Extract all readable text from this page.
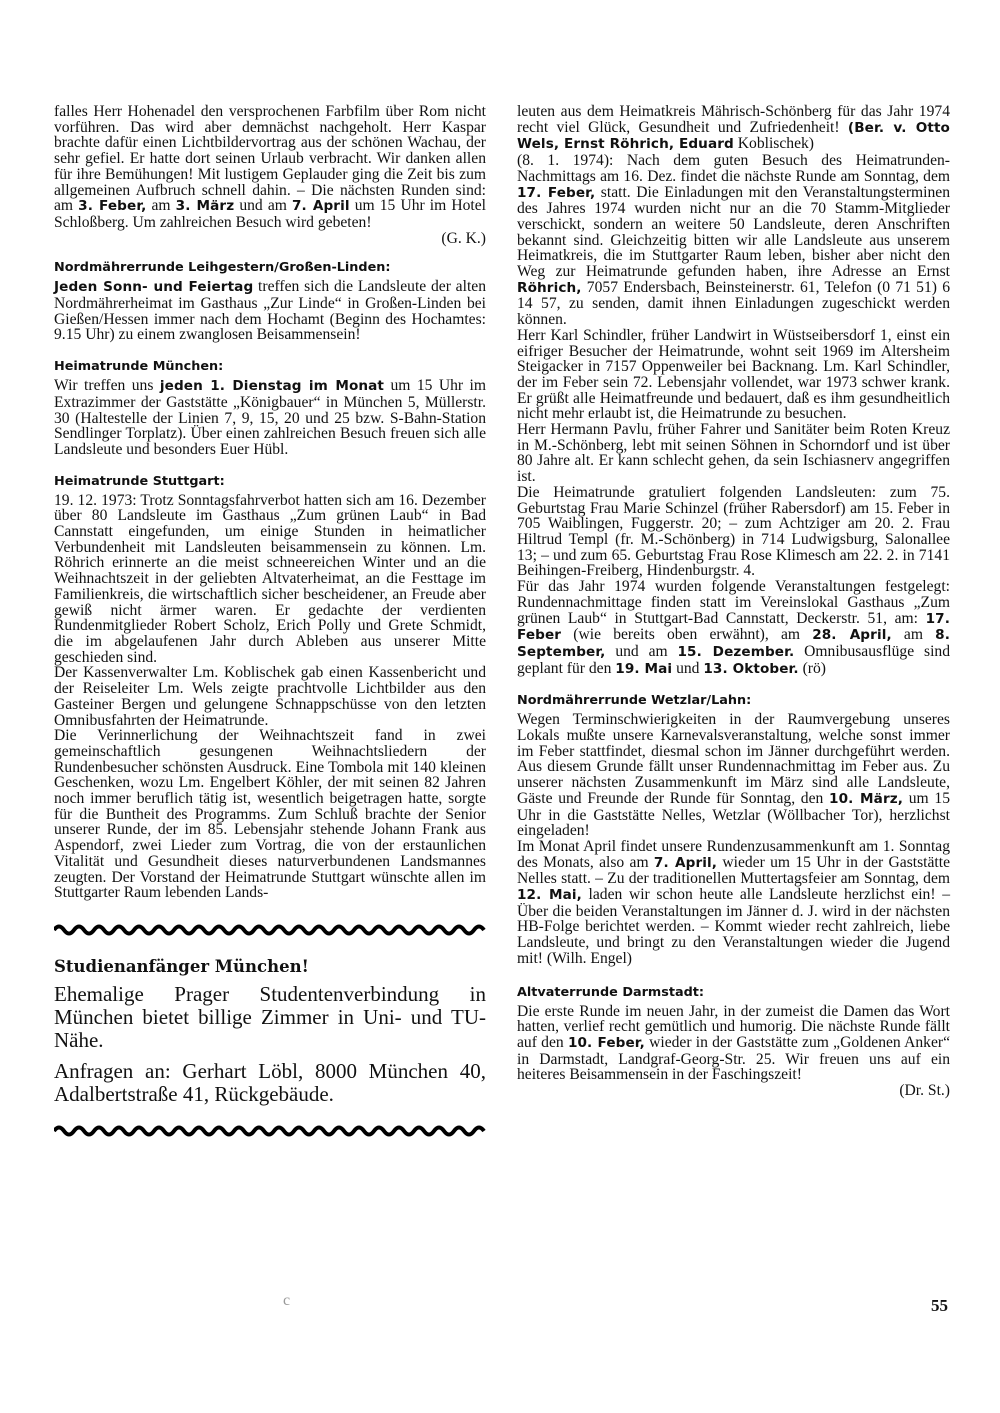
falles Herr Hohenadel den versprochenen Farbfilm über Rom nicht vorführen. Das wird aber demnächst nachgeholt. Herr Kaspar brachte dafür einen Lichtbildervortrag aus der schönen Wachau, der sehr gefiel. Er hatte dort seinen Urlaub verbracht. Wir danken allen für ihre Bemühungen! Mit lustigem Geplauder ging die Zeit bis zum allgemeinen Aufbruch schnell dahin. – Die nächsten Runden sind: am 3. Feber, am 3. März und am 7. April um 15 Uhr im Hotel Schloßberg. Um zahlreichen Besuch wird gebeten!

(G. K.)

Nordmährerrunde Leihgestern/Großen-Linden:

Jeden Sonn- und Feiertag treffen sich die Landsleute der alten Nordmährerheimat im Gasthaus „Zur Linde“ in Großen-Linden bei Gießen/Hessen immer nach dem Hochamt (Beginn des Hochamtes: 9.15 Uhr) zu einem zwanglosen Beisammensein!

Heimatrunde München:

Wir treffen uns jeden 1. Dienstag im Monat um 15 Uhr im Extrazimmer der Gaststätte „Königbauer“ in München 5, Müllerstr. 30 (Haltestelle der Linien 7, 9, 15, 20 und 25 bzw. S-Bahn-Station Sendlinger Torplatz). Über einen zahlreichen Besuch freuen sich alle Landsleute und besonders Euer Hübl.

Heimatrunde Stuttgart:

19. 12. 1973: Trotz Sonntagsfahrverbot hatten sich am 16. Dezember über 80 Landsleute im Gasthaus „Zum grünen Laub“ in Bad Cannstatt eingefunden, um einige Stunden in heimatlicher Verbundenheit mit Landsleuten beisammensein zu können. Lm. Röhrich erinnerte an die meist schneereichen Winter und an die Weihnachtszeit in der geliebten Altvaterheimat, an die Festtage im Familienkreis, die wirtschaftlich sicher bescheidener, an Freude aber gewiß nicht ärmer waren. Er gedachte der verdienten Rundenmitglieder Robert Scholz, Erich Polly und Grete Schmidt, die im abgelaufenen Jahr durch Ableben aus unserer Mitte geschieden sind.

Der Kassenverwalter Lm. Koblischek gab einen Kassenbericht und der Reiseleiter Lm. Wels zeigte prachtvolle Lichtbilder aus den Gasteiner Bergen und gelungene Schnappschüsse von den letzten Omnibusfahrten der Heimatrunde.

Die Verinnerlichung der Weihnachtszeit fand in zwei gemeinschaftlich gesungenen Weihnachtsliedern der Rundenbesucher schönsten Ausdruck. Eine Tombola mit 140 kleinen Geschenken, wozu Lm. Engelbert Köhler, der mit seinen 82 Jahren noch immer beruflich tätig ist, wesentlich beigetragen hatte, sorgte für die Buntheit des Programms. Zum Schluß brachte der Senior unserer Runde, der im 85. Lebensjahr stehende Johann Frank aus Aspendorf, zwei Lieder zum Vortrag, die von der erstaunlichen Vitalität und Gesundheit dieses naturverbundenen Landsmannes zeugten. Der Vorstand der Heimatrunde Stuttgart wünschte allen im Stuttgarter Raum lebenden Lands-

Studienanfänger München!

Ehemalige Prager Studentenverbindung in München bietet billige Zimmer in Uni- und TU-Nähe.

Anfragen an: Gerhart Löbl, 8000 München 40, Adalbertstraße 41, Rückgebäude.

leuten aus dem Heimatkreis Mährisch-Schönberg für das Jahr 1974 recht viel Glück, Gesundheit und Zufriedenheit! (Ber. v. Otto Wels, Ernst Röhrich, Eduard Koblischek)

(8. 1. 1974): Nach dem guten Besuch des Heimatrunden-Nachmittags am 16. Dez. findet die nächste Runde am Sonntag, dem 17. Feber, statt. Die Einladungen mit den Veranstaltungsterminen des Jahres 1974 wurden nicht nur an die 70 Stamm-Mitglieder verschickt, sondern an weitere 50 Landsleute, deren Anschriften bekannt sind. Gleichzeitig bitten wir alle Landsleute aus unserem Heimatkreis, die im Stuttgarter Raum leben, bisher aber nicht den Weg zur Heimatrunde gefunden haben, ihre Adresse an Ernst Röhrich, 7057 Endersbach, Beinsteinerstr. 61, Telefon (0 71 51) 6 14 57, zu senden, damit ihnen Einladungen zugeschickt werden können.

Herr Karl Schindler, früher Landwirt in Wüstseibersdorf 1, einst ein eifriger Besucher der Heimatrunde, wohnt seit 1969 im Altersheim Steigacker in 7157 Oppenweiler bei Backnang. Lm. Karl Schindler, der im Feber sein 72. Lebensjahr vollendet, war 1973 schwer krank. Er grüßt alle Heimatfreunde und bedauert, daß es ihm gesundheitlich nicht mehr erlaubt ist, die Heimatrunde zu besuchen.

Herr Hermann Pavlu, früher Fahrer und Sanitäter beim Roten Kreuz in M.-Schönberg, lebt mit seinen Söhnen in Schorndorf und ist über 80 Jahre alt. Er kann schlecht gehen, da sein Ischiasnerv angegriffen ist.

Die Heimatrunde gratuliert folgenden Landsleuten: zum 75. Geburtstag Frau Marie Schinzel (früher Rabersdorf) am 15. Feber in 705 Waiblingen, Fuggerstr. 20; – zum Achtziger am 20. 2. Frau Hiltrud Templ (fr. M.-Schönberg) in 714 Ludwigsburg, Salonallee 13; – und zum 65. Geburtstag Frau Rose Klimesch am 22. 2. in 7141 Beihingen-Freiberg, Hindenburgstr. 4.

Für das Jahr 1974 wurden folgende Veranstaltungen festgelegt: Rundennachmittage finden statt im Vereinslokal Gasthaus „Zum grünen Laub“ in Stuttgart-Bad Cannstatt, Deckerstr. 51, am: 17. Feber (wie bereits oben erwähnt), am 28. April, am 8. September, und am 15. Dezember. Omnibusausflüge sind geplant für den 19. Mai und 13. Oktober. (rö)

Nordmährerrunde Wetzlar/Lahn:

Wegen Terminschwierigkeiten in der Raumvergebung unseres Lokals mußte unsere Karnevalsveranstaltung, welche sonst immer im Feber stattfindet, diesmal schon im Jänner durchgeführt werden. Aus diesem Grunde fällt unser Rundennachmittag im Feber aus. Zu unserer nächsten Zusammenkunft im März sind alle Landsleute, Gäste und Freunde der Runde für Sonntag, den 10. März, um 15 Uhr in die Gaststätte Nelles, Wetzlar (Wöllbacher Tor), herzlichst eingeladen!

Im Monat April findet unsere Rundenzusammenkunft am 1. Sonntag des Monats, also am 7. April, wieder um 15 Uhr in der Gaststätte Nelles statt. – Zu der traditionellen Muttertagsfeier am Sonntag, dem 12. Mai, laden wir schon heute alle Landsleute herzlichst ein! – Über die beiden Veranstaltungen im Jänner d. J. wird in der nächsten HB-Folge berichtet werden. – Kommt wieder recht zahlreich, liebe Landsleute, und bringt zu den Veranstaltungen wieder die Jugend mit! (Wilh. Engel)

Altvaterrunde Darmstadt:

Die erste Runde im neuen Jahr, in der zumeist die Damen das Wort hatten, verlief recht gemütlich und humorig. Die nächste Runde fällt auf den 10. Feber, wieder in der Gaststätte zum „Goldenen Anker“ in Darmstadt, Landgraf-Georg-Str. 25. Wir freuen uns auf ein heiteres Beisammensein in der Faschingszeit!

(Dr. St.)

c	55
